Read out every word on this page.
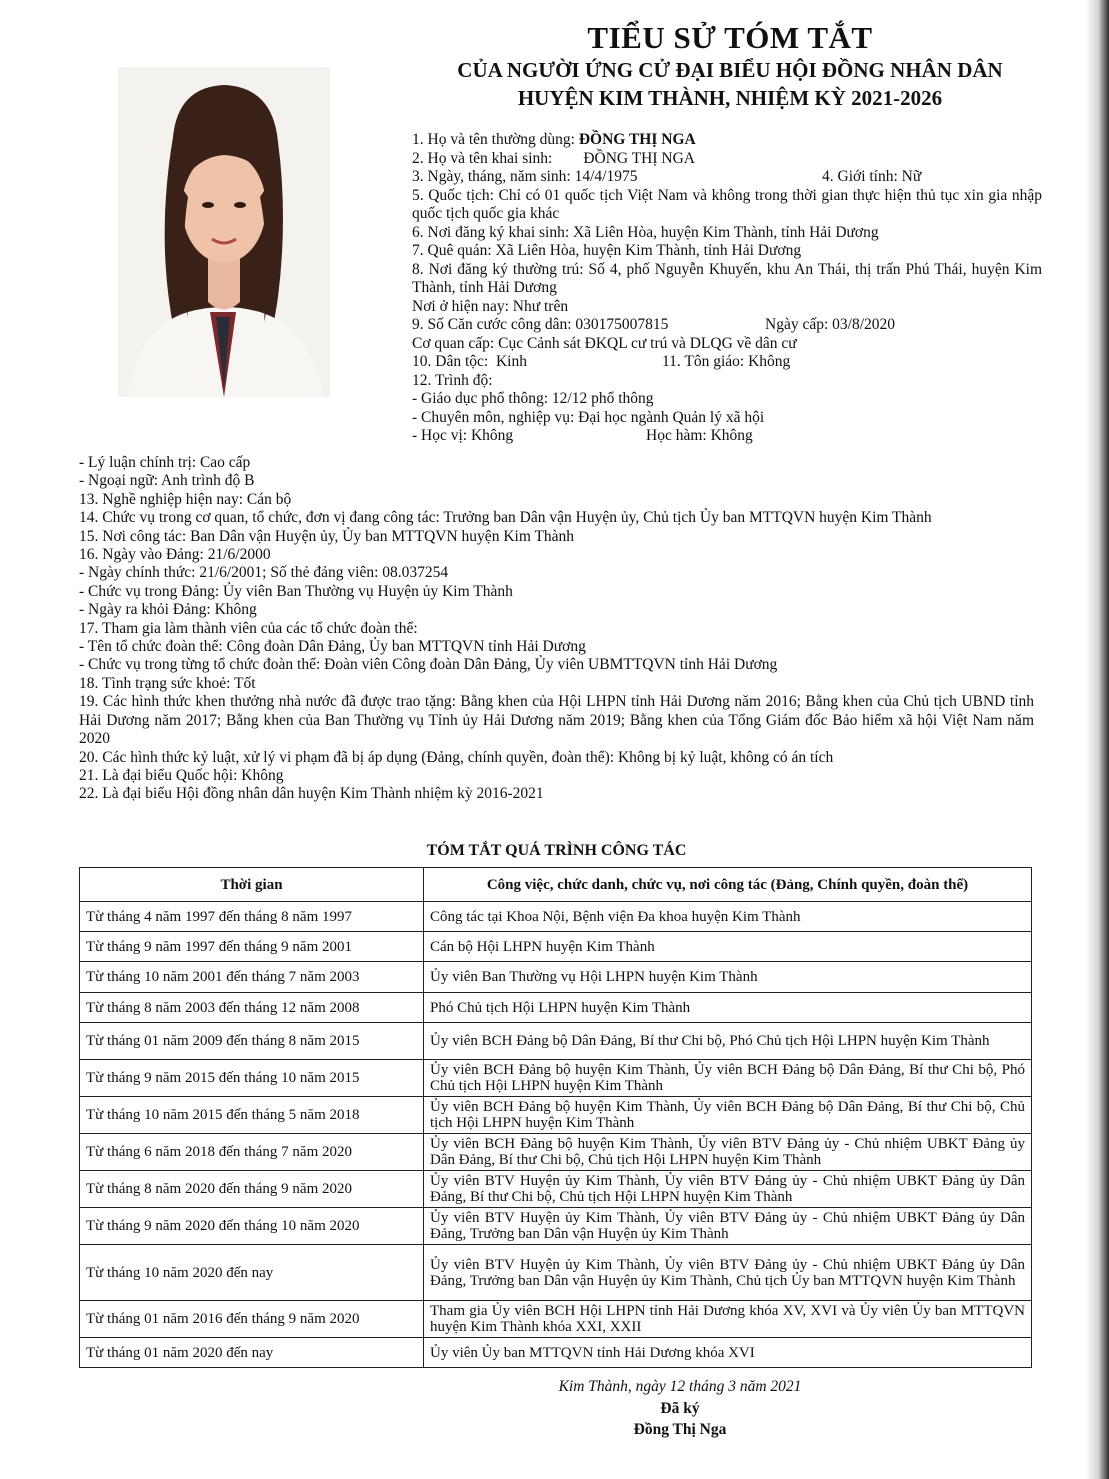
TIỂU SỬ TÓM TẮT
CỦA NGƯỜI ỨNG CỬ ĐẠI BIỂU HỘI ĐỒNG NHÂN DÂN
HUYỆN KIM THÀNH, NHIỆM KỲ 2021-2026
1. Họ và tên thường dùng: ĐỒNG THỊ NGA
2. Họ và tên khai sinh:        ĐỒNG THỊ NGA
3. Ngày, tháng, năm sinh: 14/4/1975	4. Giới tính: Nữ
5. Quốc tịch: Chỉ có 01 quốc tịch Việt Nam và không trong thời gian thực hiện thủ tục xin gia nhập quốc tịch quốc gia khác
6. Nơi đăng ký khai sinh: Xã Liên Hòa, huyện Kim Thành, tỉnh Hải Dương
7. Quê quán: Xã Liên Hòa, huyện Kim Thành, tỉnh Hải Dương
8. Nơi đăng ký thường trú: Số 4, phố Nguyễn Khuyến, khu An Thái, thị trấn Phú Thái, huyện Kim Thành, tỉnh Hải Dương
Nơi ở hiện nay: Như trên
9. Số Căn cước công dân: 030175007815	Ngày cấp: 03/8/2020
Cơ quan cấp: Cục Cảnh sát ĐKQL cư trú và DLQG về dân cư
10. Dân tộc:  Kinh	11. Tôn giáo: Không
12. Trình độ:
- Giáo dục phổ thông: 12/12 phổ thông
- Chuyên môn, nghiệp vụ: Đại học ngành Quản lý xã hội
- Học vị: Không	Học hàm: Không
- Lý luận chính trị: Cao cấp
- Ngoại ngữ: Anh trình độ B
13. Nghề nghiệp hiện nay: Cán bộ
14. Chức vụ trong cơ quan, tổ chức, đơn vị đang công tác: Trưởng ban Dân vận Huyện ủy, Chủ tịch Ủy ban MTTQVN huyện Kim Thành
15. Nơi công tác: Ban Dân vận Huyện ủy, Ủy ban MTTQVN huyện Kim Thành
16. Ngày vào Đảng: 21/6/2000
- Ngày chính thức: 21/6/2001; Số thẻ đảng viên: 08.037254
- Chức vụ trong Đảng: Ủy viên Ban Thường vụ Huyện ủy Kim Thành
- Ngày ra khỏi Đảng: Không
17. Tham gia làm thành viên của các tổ chức đoàn thể:
- Tên tổ chức đoàn thể: Công đoàn Dân Đảng, Ủy ban MTTQVN tỉnh Hải Dương
- Chức vụ trong từng tổ chức đoàn thể: Đoàn viên Công đoàn Dân Đảng, Ủy viên UBMTTQVN tỉnh Hải Dương
18. Tình trạng sức khoẻ: Tốt
19. Các hình thức khen thưởng nhà nước đã được trao tặng: Bằng khen của Hội LHPN tỉnh Hải Dương năm 2016; Bằng khen của Chủ tịch UBND tỉnh Hải Dương năm 2017; Bằng khen của Ban Thường vụ Tỉnh ủy Hải Dương năm 2019; Bằng khen của Tổng Giám đốc Bảo hiểm xã hội Việt Nam năm 2020
20. Các hình thức kỷ luật, xử lý vi phạm đã bị áp dụng (Đảng, chính quyền, đoàn thể): Không bị kỷ luật, không có án tích
21. Là đại biểu Quốc hội: Không
22. Là đại biểu Hội đồng nhân dân huyện Kim Thành nhiệm kỳ 2016-2021
TÓM TẮT QUÁ TRÌNH CÔNG TÁC
Thời gian	Công việc, chức danh, chức vụ, nơi công tác (Đảng, Chính quyền, đoàn thể)
Từ tháng 4 năm 1997 đến tháng 8 năm 1997	Công tác tại Khoa Nội, Bệnh viện Đa khoa huyện Kim Thành
Từ tháng 9 năm 1997 đến tháng 9 năm 2001	Cán bộ Hội LHPN huyện Kim Thành
Từ tháng 10 năm 2001 đến tháng 7 năm 2003	Ủy viên Ban Thường vụ Hội LHPN huyện Kim Thành
Từ tháng 8 năm 2003 đến tháng 12 năm 2008	Phó Chủ tịch Hội LHPN huyện Kim Thành
Từ tháng 01 năm 2009 đến tháng 8 năm 2015	Ủy viên BCH Đảng bộ Dân Đảng, Bí thư Chi bộ, Phó Chủ tịch Hội LHPN huyện Kim Thành
Từ tháng 9 năm 2015 đến tháng 10 năm 2015	Ủy viên BCH Đảng bộ huyện Kim Thành, Ủy viên BCH Đảng bộ Dân Đảng, Bí thư Chi bộ, Phó Chủ tịch Hội LHPN huyện Kim Thành
Từ tháng 10 năm 2015 đến tháng 5 năm 2018	Ủy viên BCH Đảng bộ huyện Kim Thành, Ủy viên BCH Đảng bộ Dân Đảng, Bí thư Chi bộ, Chủ tịch Hội LHPN huyện Kim Thành
Từ tháng 6 năm 2018 đến tháng 7 năm 2020	Ủy viên BCH Đảng bộ huyện Kim Thành, Ủy viên BTV Đảng ủy - Chủ nhiệm UBKT Đảng ủy Dân Đảng, Bí thư Chi bộ, Chủ tịch Hội LHPN huyện Kim Thành
Từ tháng 8 năm 2020 đến tháng 9 năm 2020	Ủy viên BTV Huyện ủy Kim Thành, Ủy viên BTV Đảng ủy - Chủ nhiệm UBKT Đảng ủy Dân Đảng, Bí thư Chi bộ, Chủ tịch Hội LHPN huyện Kim Thành
Từ tháng 9 năm 2020 đến tháng 10 năm 2020	Ủy viên BTV Huyện ủy Kim Thành, Ủy viên BTV Đảng ủy - Chủ nhiệm UBKT Đảng ủy Dân Đảng, Trưởng ban Dân vận Huyện ủy Kim Thành
Từ tháng 10 năm 2020 đến nay	Ủy viên BTV Huyện ủy Kim Thành, Ủy viên BTV Đảng ủy - Chủ nhiệm UBKT Đảng ủy Dân Đảng, Trưởng ban Dân vận Huyện ủy Kim Thành, Chủ tịch Ủy ban MTTQVN huyện Kim Thành
Từ tháng 01 năm 2016 đến tháng 9 năm 2020	Tham gia Ủy viên BCH Hội LHPN tỉnh Hải Dương khóa XV, XVI và Ủy viên Ủy ban MTTQVN huyện Kim Thành khóa XXI, XXII
Từ tháng 01 năm 2020 đến nay	Ủy viên Ủy ban MTTQVN tỉnh Hải Dương khóa XVI
Kim Thành, ngày 12 tháng 3 năm 2021
Đã ký
Đồng Thị Nga
